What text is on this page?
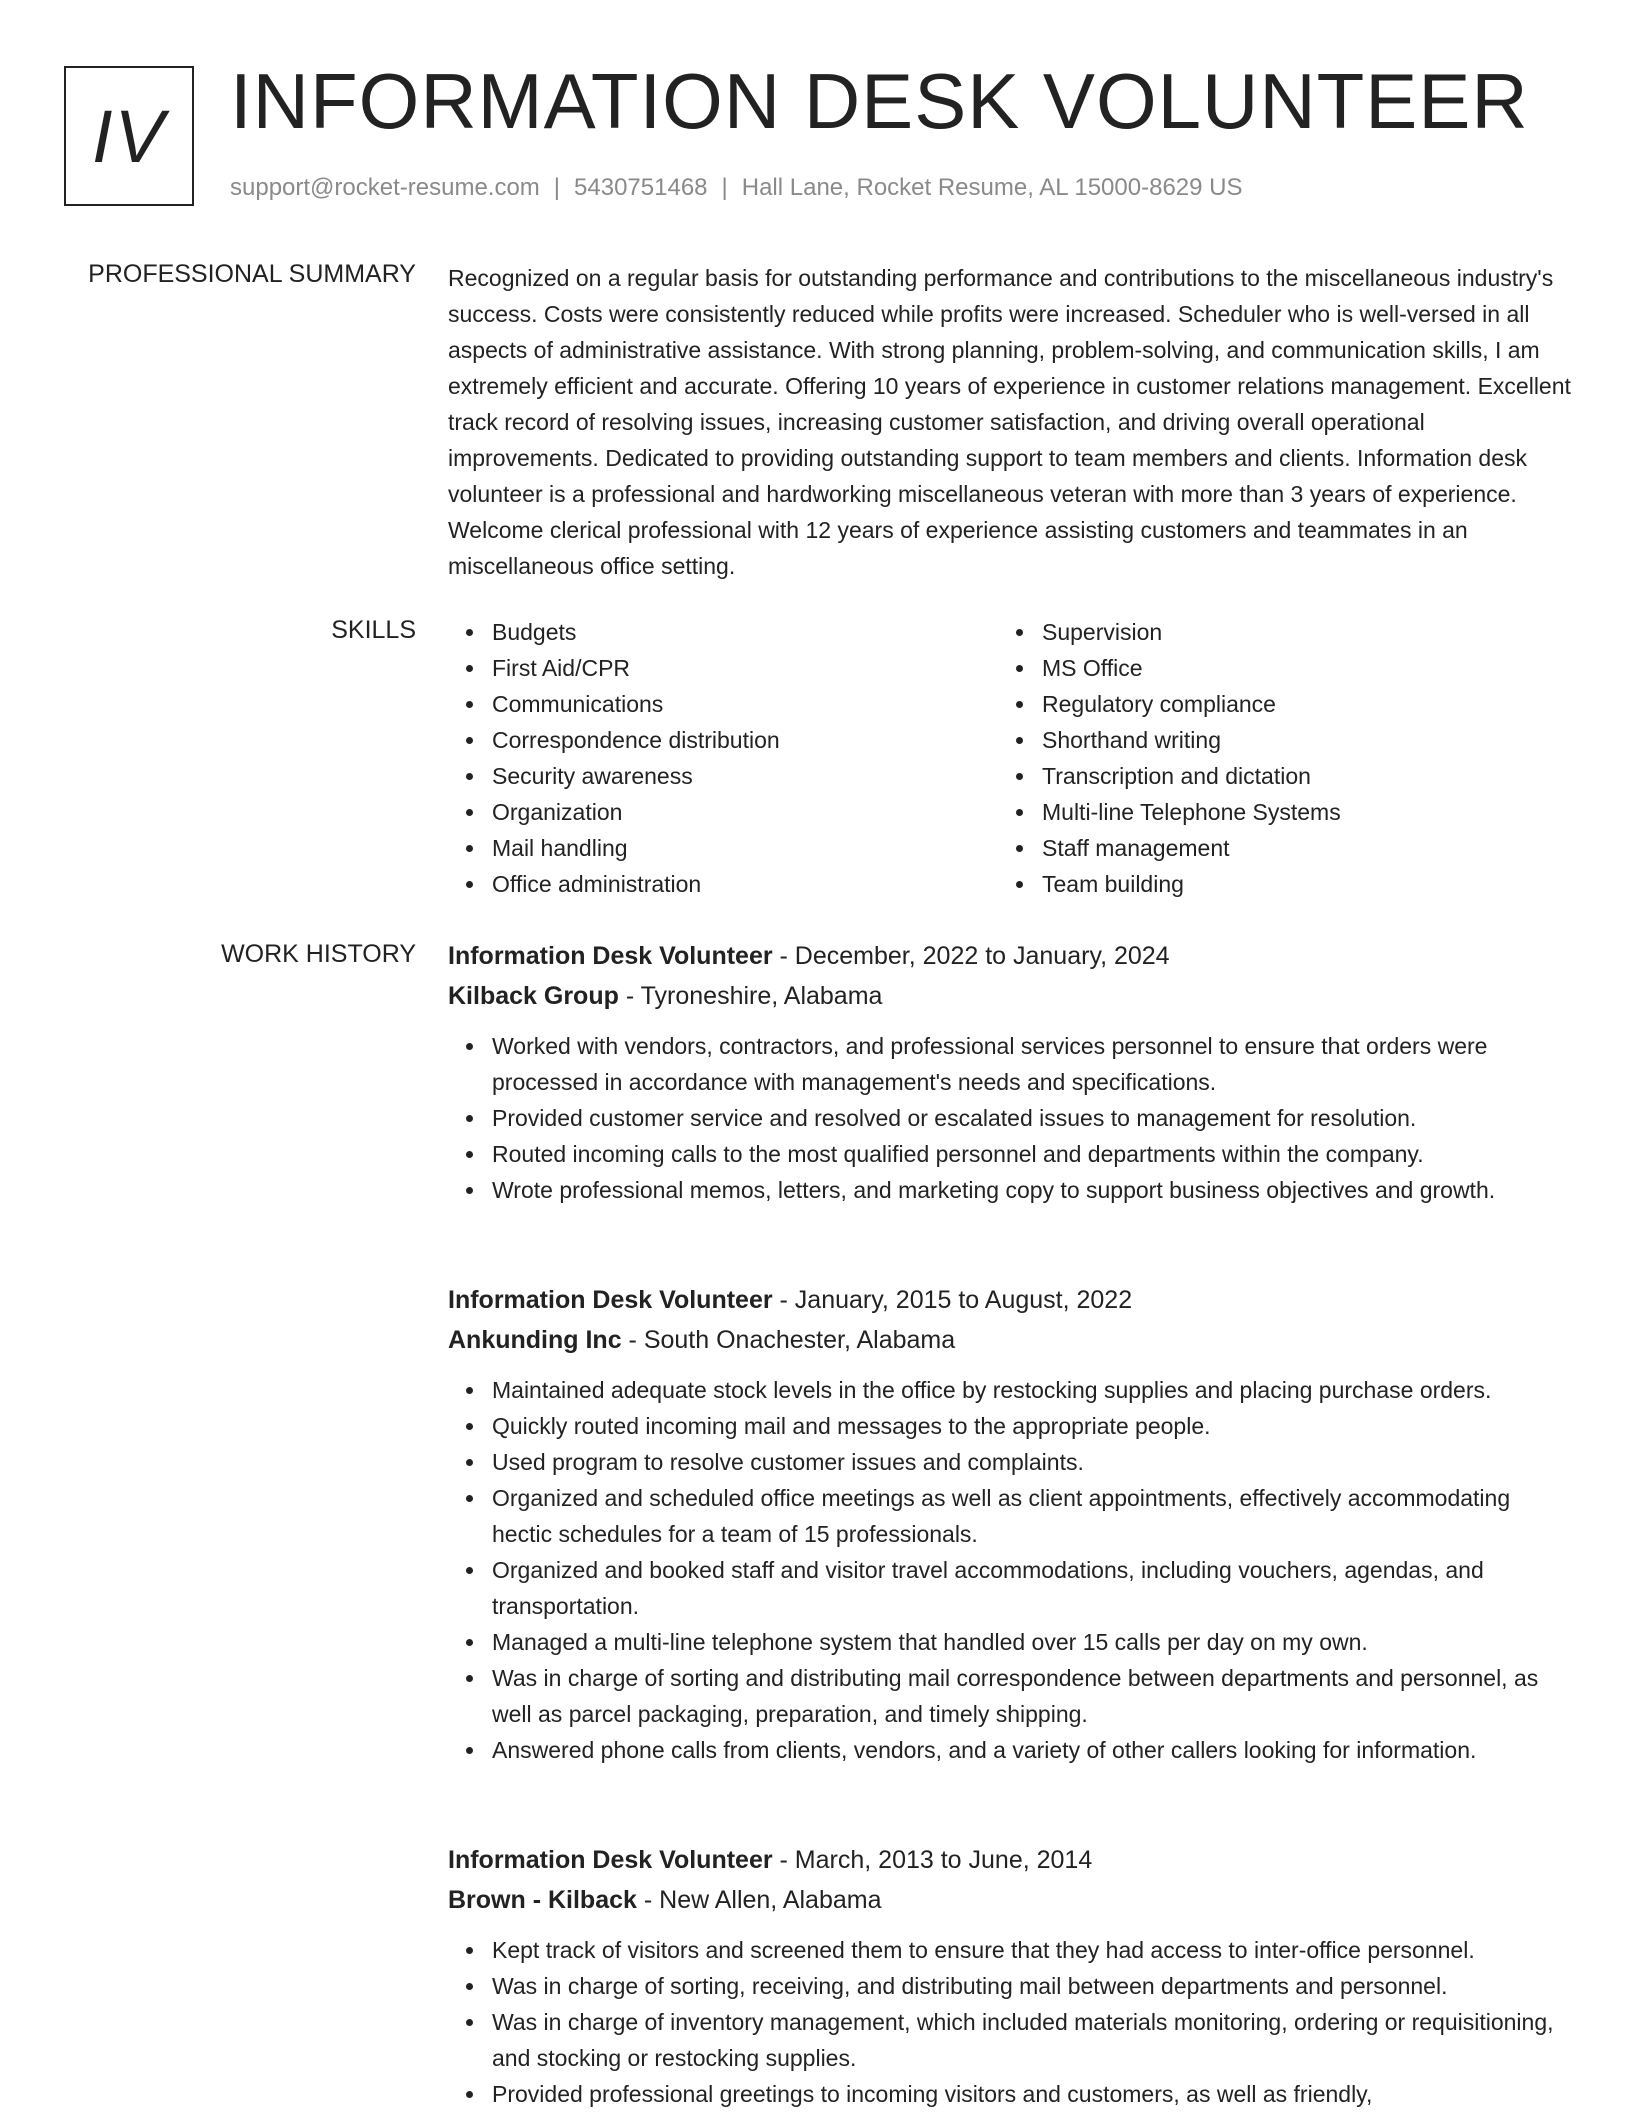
IV INFORMATION DESK VOLUNTEER
support@rocket-resume.com | 5430751468 | Hall Lane, Rocket Resume, AL 15000-8629 US
PROFESSIONAL SUMMARY Recognized on a regular basis for outstanding performance and contributions to the miscellaneous industry's success. Costs were consistently reduced while profits were increased. Scheduler who is well-versed in all aspects of administrative assistance. With strong planning, problem-solving, and communication skills, I am extremely efficient and accurate. Offering 10 years of experience in customer relations management. Excellent track record of resolving issues, increasing customer satisfaction, and driving overall operational improvements. Dedicated to providing outstanding support to team members and clients. Information desk volunteer is a professional and hardworking miscellaneous veteran with more than 3 years of experience. Welcome clerical professional with 12 years of experience assisting customers and teammates in an miscellaneous office setting.

SKILLS	Budgets
First Aid/CPR
Communications
Correspondence distribution
Security awareness
Organization
Mail handling
Office administration
Supervision
MS Office
Regulatory compliance
Shorthand writing
Transcription and dictation
Multi-line Telephone Systems
Staff management
Team building
WORK HISTORY Information Desk Volunteer - December, 2022 to January, 2024
Kilback Group - Tyroneshire, Alabama
Worked with vendors, contractors, and professional services personnel to ensure that orders were processed in accordance with management's needs and specifications.
Provided customer service and resolved or escalated issues to management for resolution.
Routed incoming calls to the most qualified personnel and departments within the company.
Wrote professional memos, letters, and marketing copy to support business objectives and growth.
Information Desk Volunteer - January, 2015 to August, 2022
Ankunding Inc - South Onachester, Alabama
Maintained adequate stock levels in the office by restocking supplies and placing purchase orders.
Quickly routed incoming mail and messages to the appropriate people.
Used program to resolve customer issues and complaints.
Organized and scheduled office meetings as well as client appointments, effectively accommodating hectic schedules for a team of 15 professionals.
Organized and booked staff and visitor travel accommodations, including vouchers, agendas, and transportation.
Managed a multi-line telephone system that handled over 15 calls per day on my own.
Was in charge of sorting and distributing mail correspondence between departments and personnel, as well as parcel packaging, preparation, and timely shipping.
Answered phone calls from clients, vendors, and a variety of other callers looking for information.
Information Desk Volunteer - March, 2013 to June, 2014
Brown - Kilback - New Allen, Alabama
Kept track of visitors and screened them to ensure that they had access to inter-office personnel.
Was in charge of sorting, receiving, and distributing mail between departments and personnel.
Was in charge of inventory management, which included materials monitoring, ordering or requisitioning, and stocking or restocking supplies.
Provided professional greetings to incoming visitors and customers, as well as friendly,
